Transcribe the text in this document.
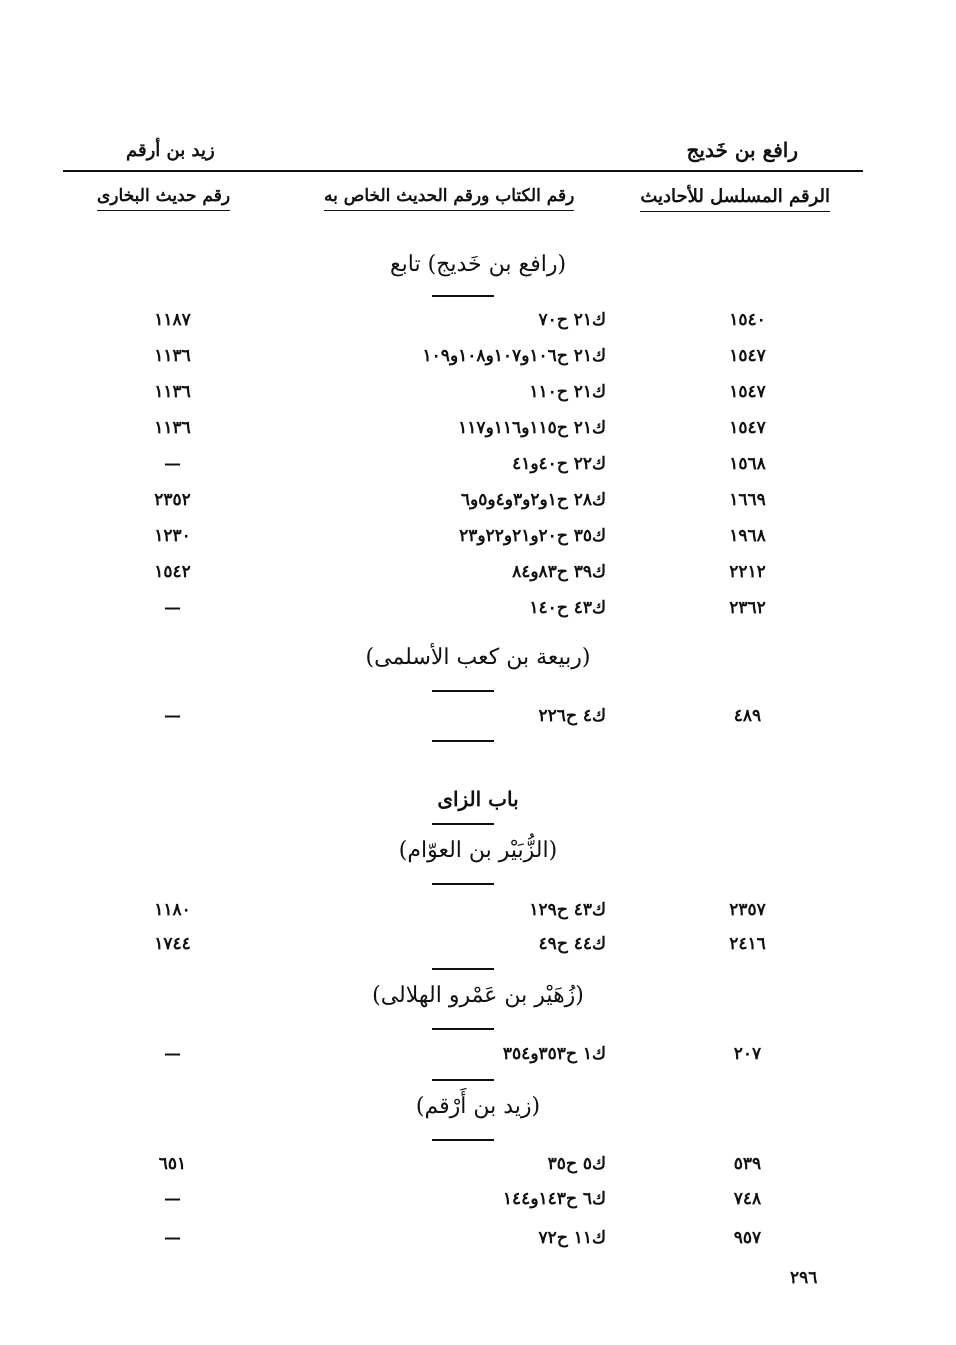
رافع بن خَديج
زيد بن أرقم
الرقم المسلسل للأحاديث
رقم الكتاب ورقم الحديث الخاص به
رقم حديث البخارى
(رافع بن خَديج) تابع
١٥٤٠
ك٢١ ح٧٠
١١٨٧
١٥٤٧
ك٢١ ح١٠٦و١٠٧و١٠٨و١٠٩
١١٣٦
١٥٤٧
ك٢١ ح١١٠
١١٣٦
١٥٤٧
ك٢١ ح١١٥و١١٦و١١٧
١١٣٦
١٥٦٨
ك٢٢ ح٤٠و٤١
—
١٦٦٩
ك٢٨ ح١و٢و٣و٤و٥و٦
٢٣٥٢
١٩٦٨
ك٣٥ ح٢٠و٢١و٢٢و٢٣
١٢٣٠
٢٢١٢
ك٣٩ ح٨٣و٨٤
١٥٤٢
٢٣٦٢
ك٤٣ ح١٤٠
—
(ربيعة بن كعب الأسلمى)
٤٨٩
ك٤ ح٢٢٦
—
باب الزاى
(الزُّبَيْر بن العوّام)
٢٣٥٧
ك٤٣ ح١٢٩
١١٨٠
٢٤١٦
ك٤٤ ح٤٩
١٧٤٤
(زُهَيْر بن عَمْرو الهلالى)
٢٠٧
ك١ ح٣٥٣و٣٥٤
—
(زيد بن أَرْقم)
٥٣٩
ك٥ ح٣٥
٦٥١
٧٤٨
ك٦ ح١٤٣و١٤٤
—
٩٥٧
ك١١ ح٧٢
—
٢٩٦
